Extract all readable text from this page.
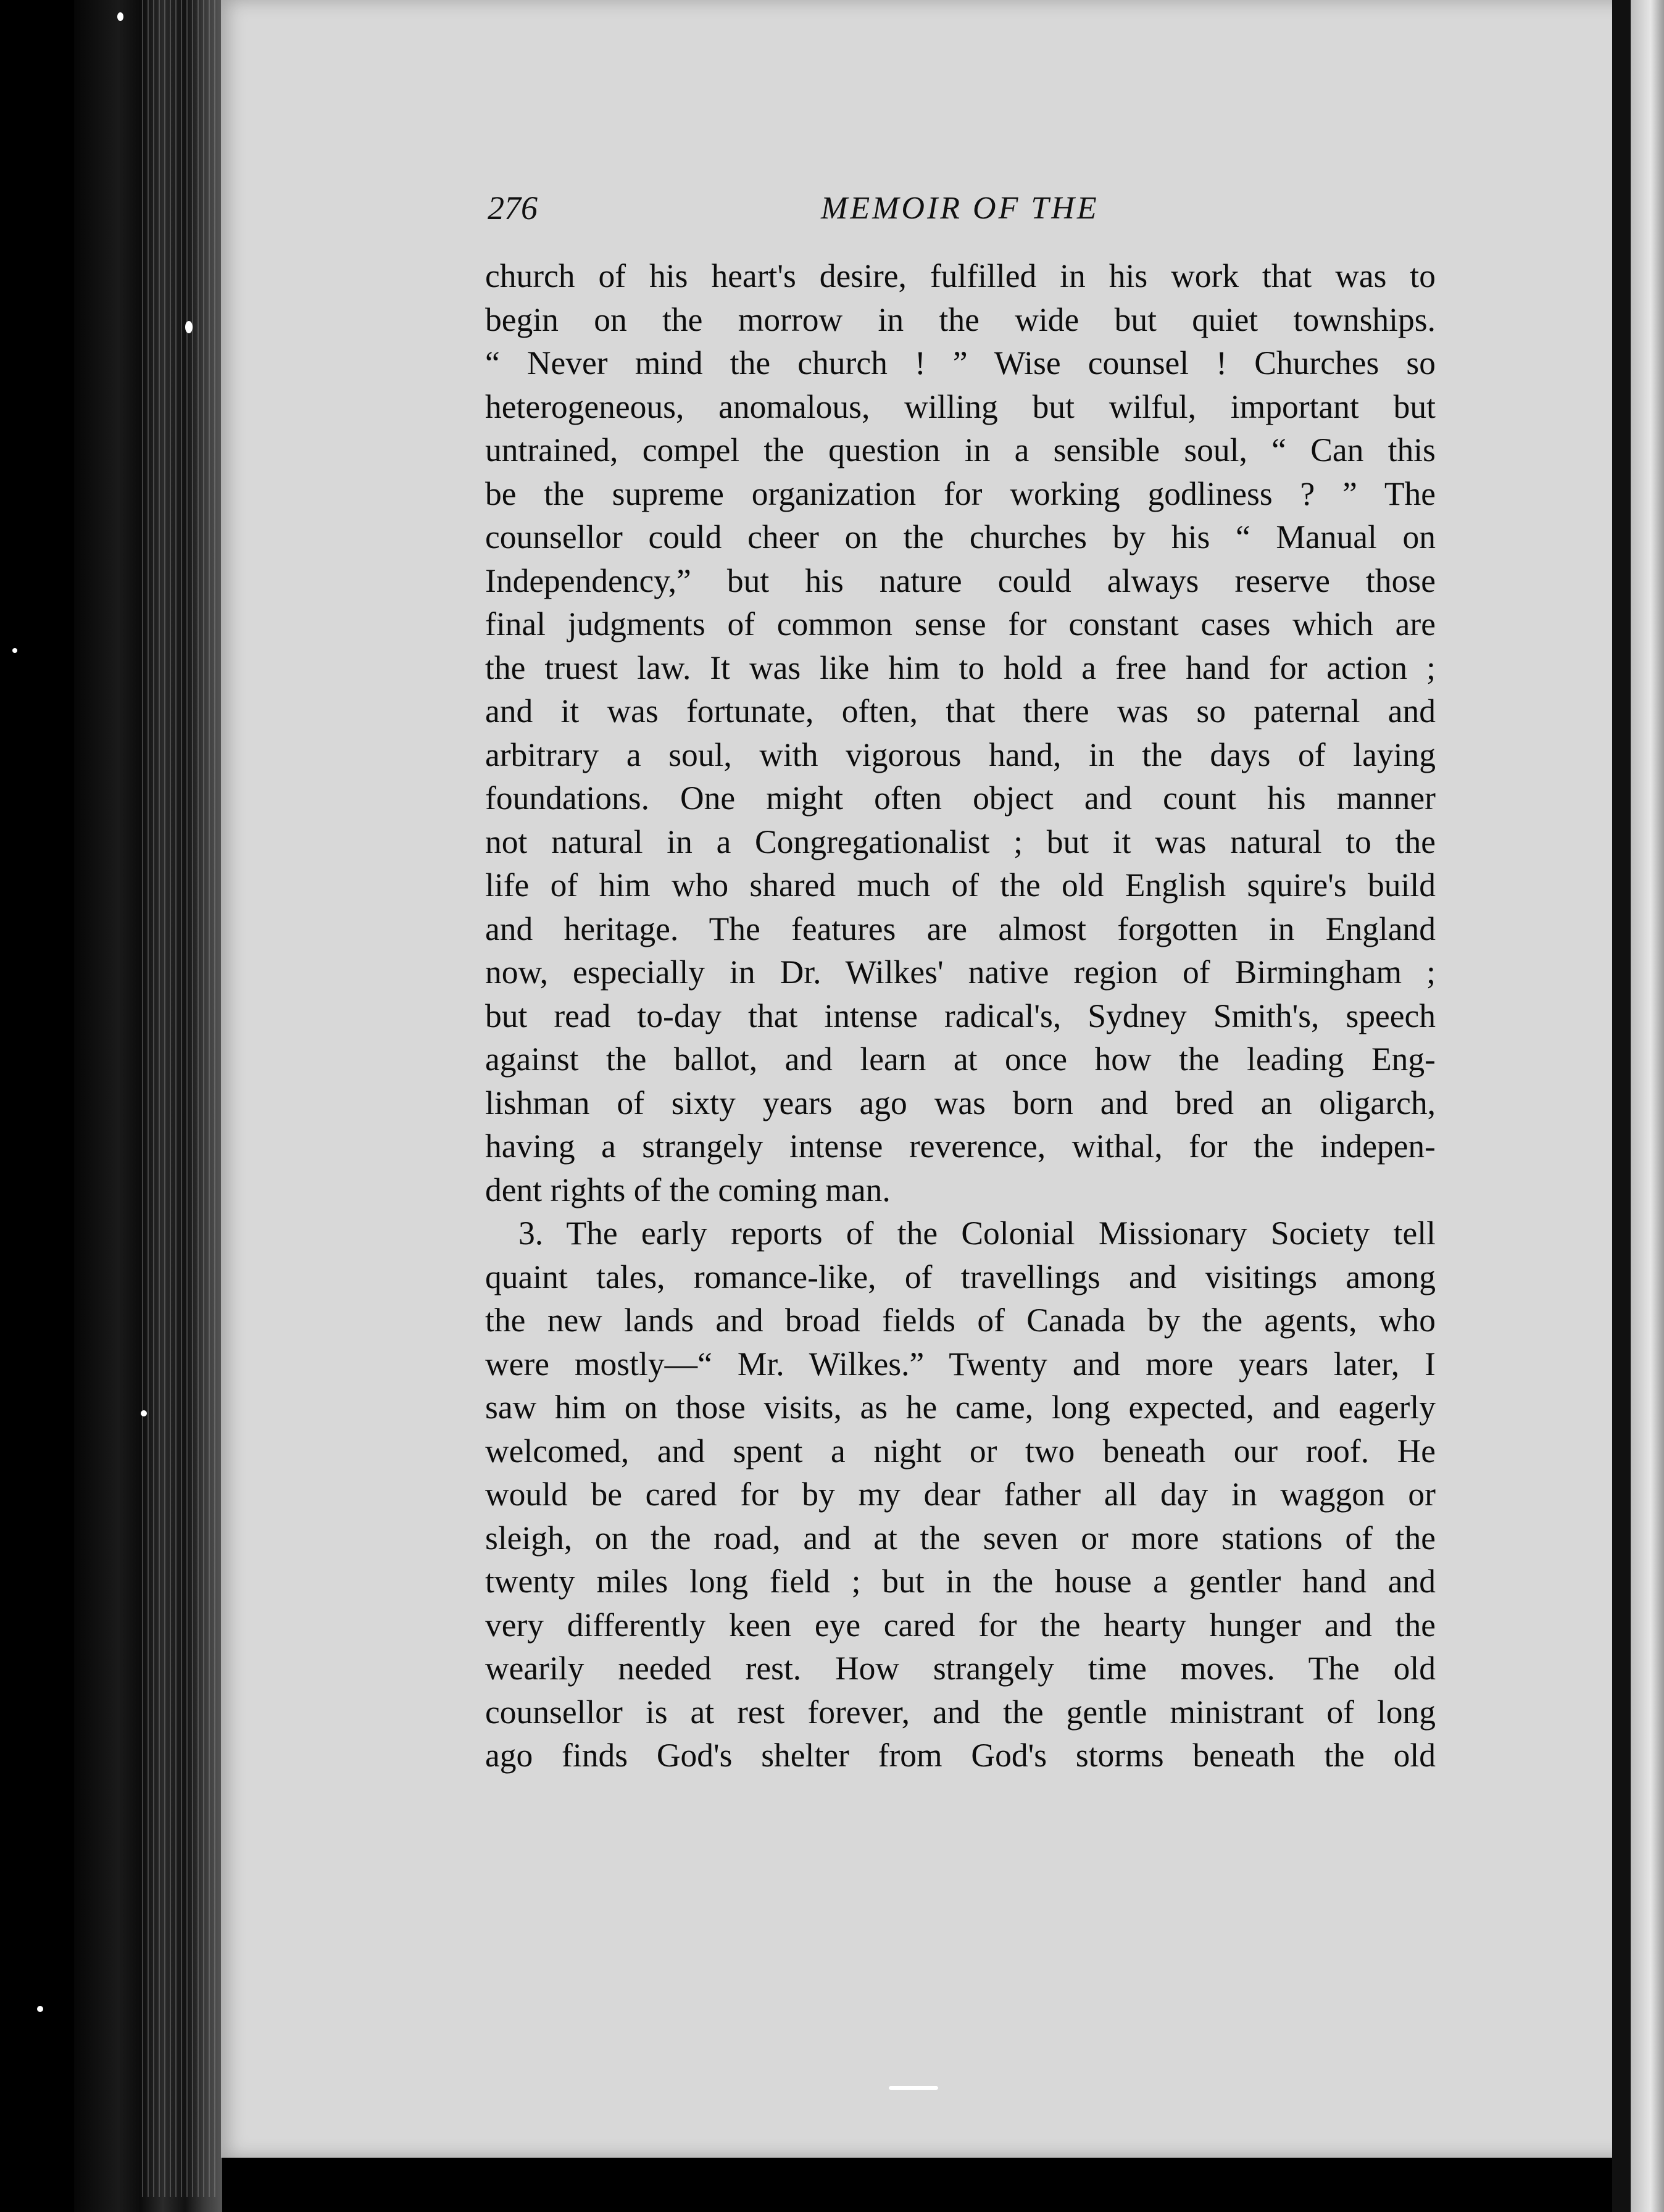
276	MEMOIR OF THE
church of his heart's desire, fulfilled in his work that was to
begin on the morrow in the wide but quiet townships.
“ Never mind the church ! ” Wise counsel ! Churches so
heterogeneous, anomalous, willing but wilful, important but
untrained, compel the question in a sensible soul, “ Can this
be the supreme organization for working godliness ? ” The
counsellor could cheer on the churches by his “ Manual on
Independency,” but his nature could always reserve those
final judgments of common sense for constant cases which are
the truest law. It was like him to hold a free hand for action ;
and it was fortunate, often, that there was so paternal and
arbitrary a soul, with vigorous hand, in the days of laying
foundations. One might often object and count his manner
not natural in a Congregationalist ; but it was natural to the
life of him who shared much of the old English squire's build
and heritage. The features are almost forgotten in England
now, especially in Dr. Wilkes' native region of Birmingham ;
but read to-day that intense radical's, Sydney Smith's, speech
against the ballot, and learn at once how the leading Eng-
lishman of sixty years ago was born and bred an oligarch,
having a strangely intense reverence, withal, for the indepen-
dent rights of the coming man.
3. The early reports of the Colonial Missionary Society tell
quaint tales, romance-like, of travellings and visitings among
the new lands and broad fields of Canada by the agents, who
were mostly—“ Mr. Wilkes.” Twenty and more years later, I
saw him on those visits, as he came, long expected, and eagerly
welcomed, and spent a night or two beneath our roof. He
would be cared for by my dear father all day in waggon or
sleigh, on the road, and at the seven or more stations of the
twenty miles long field ; but in the house a gentler hand and
very differently keen eye cared for the hearty hunger and the
wearily needed rest. How strangely time moves. The old
counsellor is at rest forever, and the gentle ministrant of long
ago finds God's shelter from God's storms beneath the old
